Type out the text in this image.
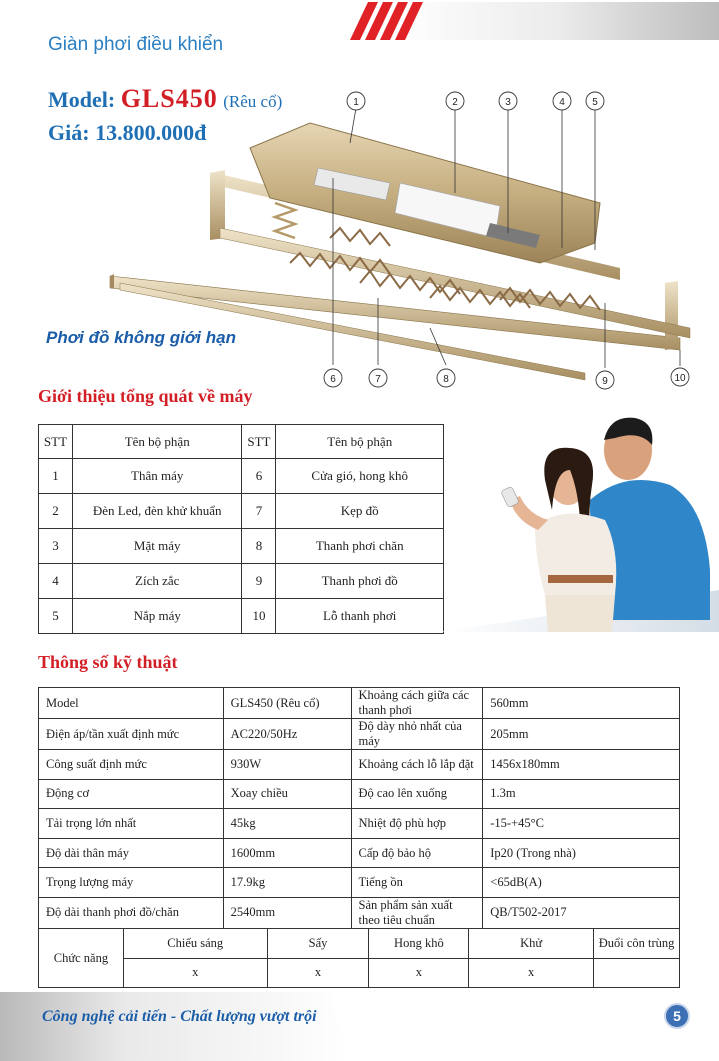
Giàn phơi điều khiển
Model: GLS450 (Rêu cổ)
Giá: 13.800.000đ
1	2	3	4	5
6	7	8	9	10
Phơi đồ không giới hạn
Giới thiệu tổng quát về máy
STT	Tên bộ phận	STT	Tên bộ phận
1	Thân máy	6	Cửa gió, hong khô
2	Đèn Led, đèn khử khuẩn	7	Kẹp đồ
3	Mặt máy	8	Thanh phơi chăn
4	Zích zắc	9	Thanh phơi đồ
5	Nắp máy	10	Lỗ thanh phơi
Thông số kỹ thuật
Model		GLS450 (Rêu cổ)		Khoảng cách giữa các thanh phơi			560mm	
Điện áp/tần xuất định mức		AC220/50Hz		Độ dày nhỏ nhất của máy			205mm	
Công suất định mức		930W		Khoảng cách lỗ lắp đặt			1456x180mm	
Động cơ		Xoay chiều		Độ cao lên xuống			1.3m	
Tải trọng lớn nhất		45kg		Nhiệt độ phù hợp			-15-+45°C	
Độ dài thân máy		1600mm		Cấp độ bảo hộ			Ip20 (Trong nhà)	
Trọng lượng máy		17.9kg		Tiếng ồn			<65dB(A)	
Độ dài thanh phơi đồ/chăn		2540mm		Sản phẩm sản xuất theo tiêu chuẩn			QB/T502-2017	
Chức năng	Chiếu sáng		Sấy		Hong khô	Khử		Đuổi côn trùng
	x		x		x	x		
Công nghệ cải tiến - Chất lượng vượt trội	5
